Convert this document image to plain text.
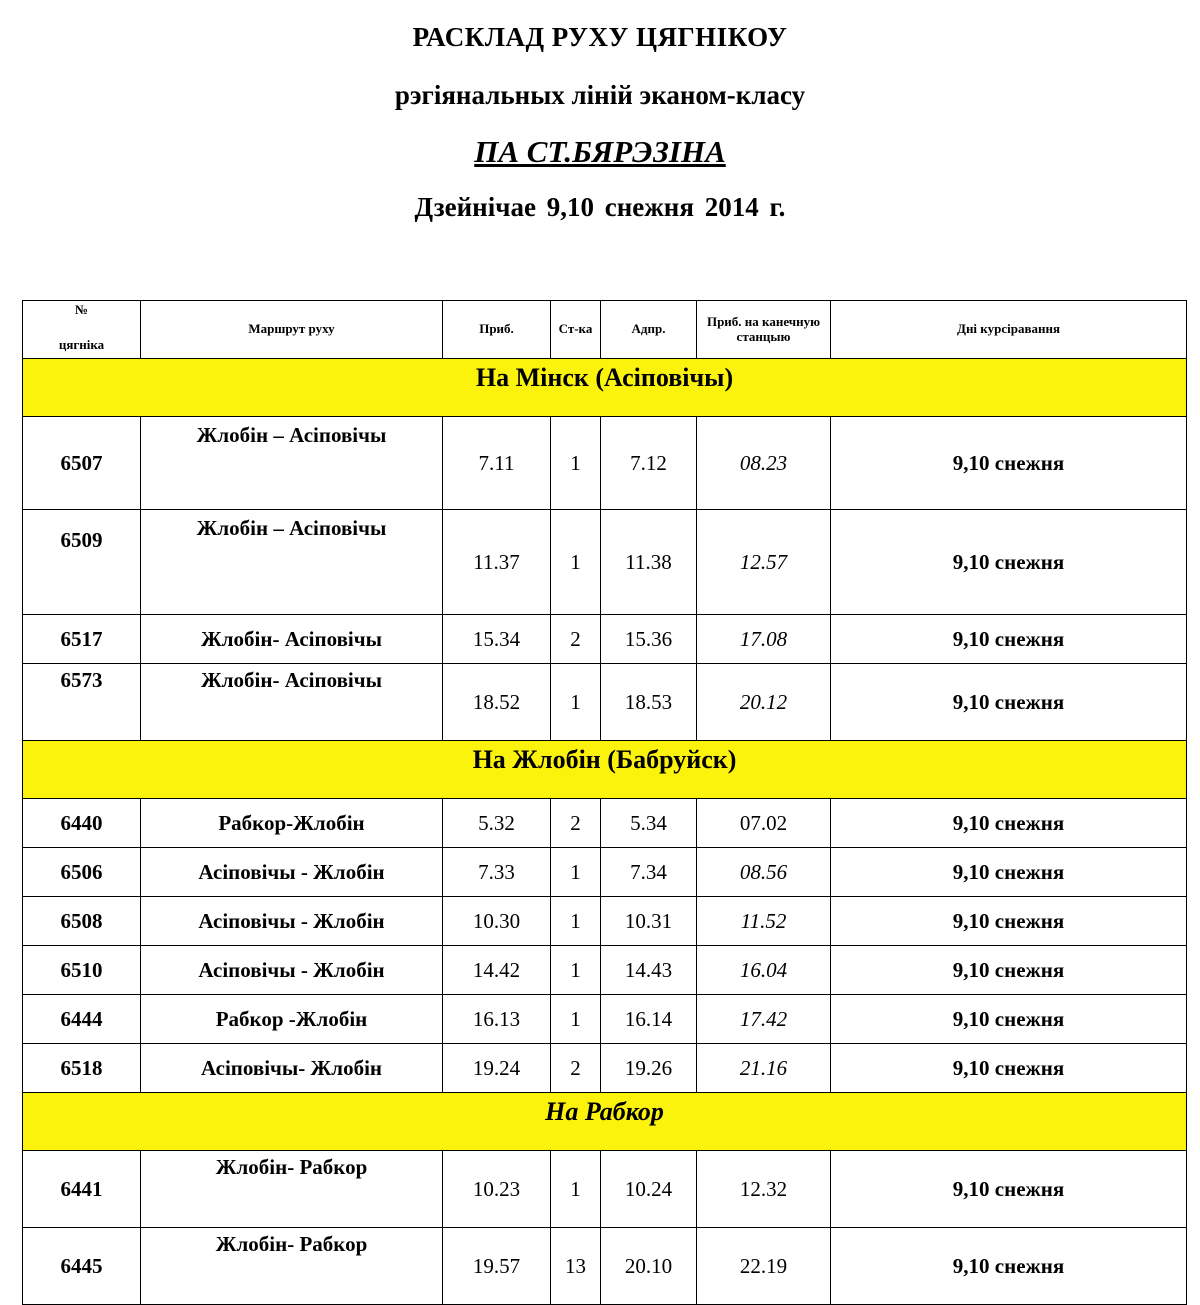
РАСКЛАД РУХУ ЦЯГНІКОУ
рэгіянальных ліній эканом-класу
ПА СТ.БЯРЭЗІНА
Дзейнічае 9,10 снежня 2014 г.
№
цягніка	Маршрут руху	Приб.	Ст-ка	Адпр.	Приб. на канечную станцыю	Дні курсіравання
На Мінск (Асіповічы)						
6507	Жлобін – Асіповічы	7.11	1	7.12	08.23	9,10 снежня
6509	Жлобін – Асіповічы	11.37	1	11.38	12.57	9,10 снежня
6517	Жлобін- Асіповічы	15.34	2	15.36	17.08	9,10 снежня
6573	Жлобін- Асіповічы	18.52	1	18.53	20.12	9,10 снежня
На Жлобін (Бабруйск)						
6440	Рабкор-Жлобін	5.32	2	5.34	07.02	9,10 снежня
6506	Асіповічы - Жлобін	7.33	1	7.34	08.56	9,10 снежня
6508	Асіповічы - Жлобін	10.30	1	10.31	11.52	9,10 снежня
6510	Асіповічы - Жлобін	14.42	1	14.43	16.04	9,10 снежня
6444	Рабкор -Жлобін	16.13	1	16.14	17.42	9,10 снежня
6518	Асіповічы- Жлобін	19.24	2	19.26	21.16	9,10 снежня
На Рабкор						
6441	Жлобін- Рабкор	10.23	1	10.24	12.32	9,10 снежня
6445	Жлобін- Рабкор	19.57	13	20.10	22.19	9,10 снежня
